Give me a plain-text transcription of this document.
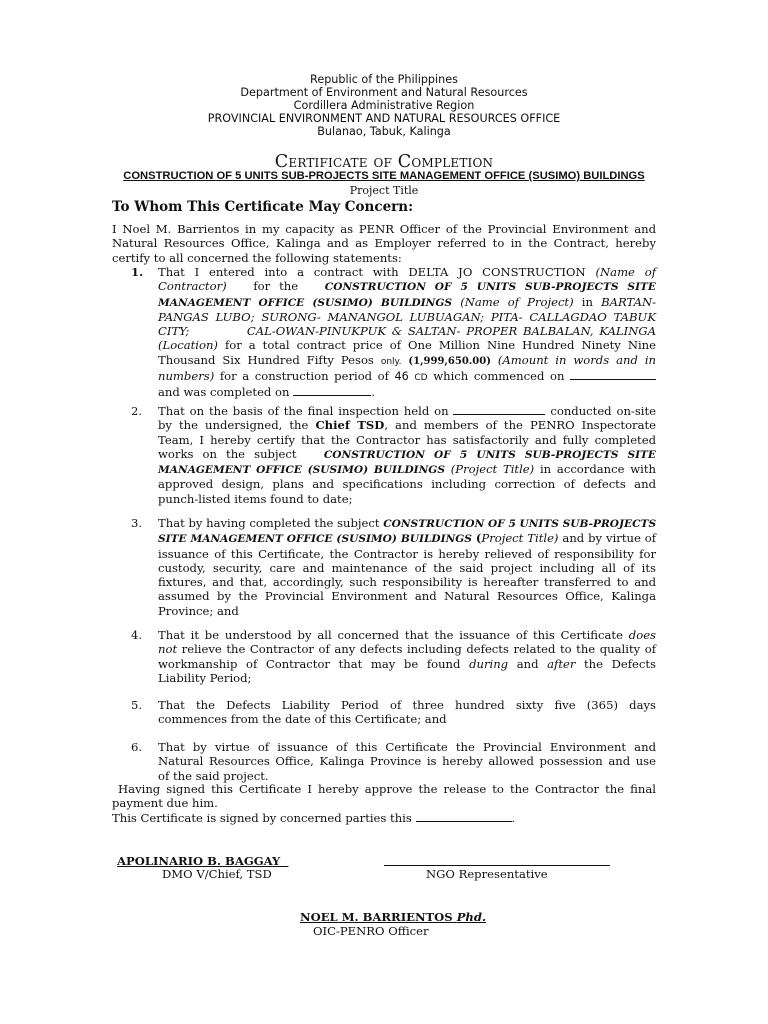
Republic of the Philippines
Department of Environment and Natural Resources
Cordillera Administrative Region
PROVINCIAL ENVIRONMENT AND NATURAL RESOURCES OFFICE
Bulanao, Tabuk, Kalinga
Certificate of Completion
CONSTRUCTION OF 5 UNITS SUB-PROJECTS SITE MANAGEMENT OFFICE (SUSIMO) BUILDINGS
Project Title
To Whom This Certificate May Concern:
I Noel M. Barrientos in my capacity as PENR Officer of the Provincial Environment and
Natural Resources Office, Kalinga and as Employer referred to in the Contract, hereby
certify to all concerned the following statements:
1.	That I entered into a contract with DELTA JO CONSTRUCTION (Name of
Contractor) for the	CONSTRUCTION OF 5 UNITS SUB-PROJECTS SITE
MANAGEMENT OFFICE (SUSIMO) BUILDINGS (Name of Project) in BARTAN-
PANGAS LUBO; SURONG- MANANGOL LUBUAGAN; PITA- CALLAGDAO TABUK
CITY;	CAL-OWAN-PINUKPUK & SALTAN- PROPER BALBALAN, KALINGA
(Location) for a total contract price of One Million Nine Hundred Ninety Nine
Thousand Six Hundred Fifty Pesos only. (1,999,650.00) (Amount in words and in
numbers) for a construction period of 46 CD which commenced on
and was completed on	.
2.	That on the basis of the final inspection held on	conducted on-site
by the undersigned, the Chief TSD, and members of the PENRO Inspectorate
Team, I hereby certify that the Contractor has satisfactorily and fully completed
works on the subject	CONSTRUCTION OF 5 UNITS SUB-PROJECTS SITE
MANAGEMENT OFFICE (SUSIMO) BUILDINGS (Project Title) in accordance with
approved design, plans and specifications including correction of defects and
punch-listed items found to date;
3.	That by having completed the subject CONSTRUCTION OF 5 UNITS SUB-PROJECTS
SITE MANAGEMENT OFFICE (SUSIMO) BUILDINGS (Project Title) and by virtue of
issuance of this Certificate, the Contractor is hereby relieved of responsibility for
custody, security, care and maintenance of the said project including all of its
fixtures, and that, accordingly, such responsibility is hereafter transferred to and
assumed by the Provincial Environment and Natural Resources Office, Kalinga
Province; and
4.	That it be understood by all concerned that the issuance of this Certificate does
not relieve the Contractor of any defects including defects related to the quality of
workmanship of Contractor that may be found during and after the Defects
Liability Period;
5.	That the Defects Liability Period of three hundred sixty five (365) days
commences from the date of this Certificate; and
6.	That by virtue of issuance of this Certificate the Provincial Environment and
Natural Resources Office, Kalinga Province is hereby allowed possession and use
of the said project.
Having signed this Certificate I hereby approve the release to the Contractor the final
payment due him.
This Certificate is signed by concerned parties this	.
APOLINARIO B. BAGGAY
DMO V/Chief, TSD	NGO Representative
NOEL M. BARRIENTOS Phd.
OIC-PENRO Officer
